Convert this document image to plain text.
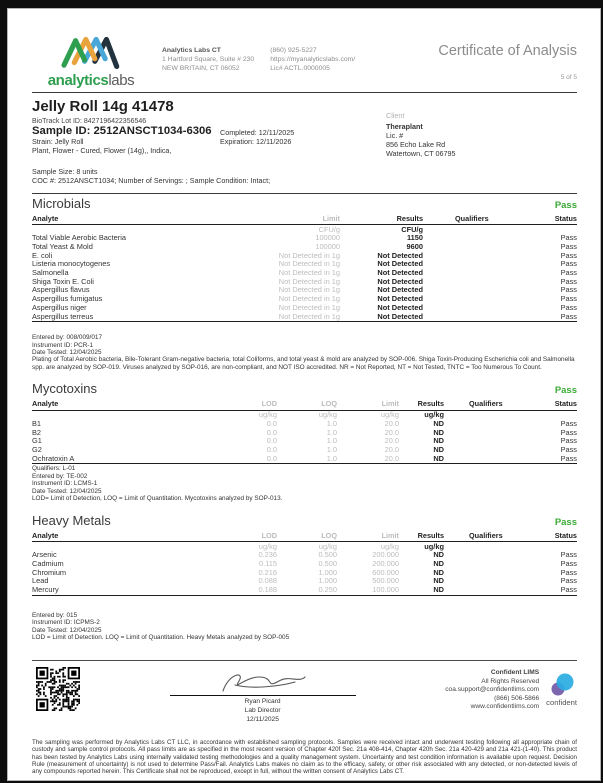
analyticslabs
Analytics Labs CT
1 Hartford Square, Suite # 230
NEW BRITAIN, CT 06052
(860) 925-5227
https://myanalyticslabs.com/
Lic# ACTL.0000005
Certificate of Analysis
5 of 5
Jelly Roll 14g 41478
BioTrack Lot ID: 8427196422356546
Sample ID: 2512ANSCT1034-6306	Completed: 12/11/2025
Strain: Jelly Roll	Expiration: 12/11/2026
Plant, Flower - Cured, Flower (14g),, Indica,
Sample Size: 8 units
COC #: 2512ANSCT1034; Number of Servings: ; Sample Condition: Intact;
Client
Theraplant
Lic. #
856 Echo Lake Rd
Watertown, CT 06795
Microbials	Pass
Analyte	Limit	Results	Qualifiers	Status
CFU/g	CFU/g
Total Viable Aerobic Bacteria	100000	1150	Pass
Total Yeast & Mold	100000	9600	Pass
E. coli	Not Detected in 1g	Not Detected	Pass
Listeria monocytogenes	Not Detected in 1g	Not Detected	Pass
Salmonella	Not Detected in 1g	Not Detected	Pass
Shiga Toxin E. Coli	Not Detected in 1g	Not Detected	Pass
Aspergillus flavus	Not Detected in 1g	Not Detected	Pass
Aspergillus fumigatus	Not Detected in 1g	Not Detected	Pass
Aspergillus niger	Not Detected in 1g	Not Detected	Pass
Aspergillus terreus	Not Detected in 1g	Not Detected	Pass
Entered by: 008/009/017
Instrument ID: PCR-1
Date Tested: 12/04/2025
Plating of Total Aerobic bacteria, Bile-Tolerant Gram-negative bacteria, total Coliforms, and total yeast & mold are analyzed by SOP-006. Shiga Toxin-Producing Escherichia coli and Salmonella spp. are analyzed by SOP-019. Viruses analyzed by SOP-016, are non-compliant, and NOT ISO accredited. NR = Not Reported, NT = Not Tested, TNTC = Too Numerous To Count.
Mycotoxins	Pass
Analyte	LOD	LOQ	Limit	Results	Qualifiers	Status
ug/kg	ug/kg	ug/kg	ug/kg
B1	0.0	1.0	20.0	ND	Pass
B2	0.0	1.0	20.0	ND	Pass
G1	0.0	1.0	20.0	ND	Pass
G2	0.0	1.0	20.0	ND	Pass
Ochratoxin A	0.0	1.0	20.0	ND	Pass
Qualifiers: L-01
Entered by: TE-002
Instrument ID: LCMS-1
Date Tested: 12/04/2025
LOD= Limit of Detection, LOQ = Limit of Quantitation. Mycotoxins analyzed by SOP-013.
Heavy Metals	Pass
Analyte	LOD	LOQ	Limit	Results	Qualifiers	Status
ug/kg	ug/kg	ug/kg	ug/kg
Arsenic	0.236	0.500	200.000	ND	Pass
Cadmium	0.115	0.500	200.000	ND	Pass
Chromium	0.216	1.000	600.000	ND	Pass
Lead	0.088	1.000	500.000	ND	Pass
Mercury	0.188	0.250	100.000	ND	Pass
Entered by: 015
Instrument ID: ICPMS-2
Date Tested: 12/04/2025
LOD = Limit of Detection. LOQ = Limit of Quantitation. Heavy Metals analyzed by SOP-005
Ryan Picard
Lab Director
12/11/2025
Confident LIMS
All Rights Reserved
coa.support@confidentlims.com
(866) 506-5866
www.confidentlims.com confident
The sampling was performed by Analytics Labs CT LLC, in accordance with established sampling protocols. Samples were received intact and underwent testing following all appropriate chain of custody and sample control protocols. All pass limits are as specified in the most recent version of Chapter 420f Sec. 21a 408-414, Chapter 420h Sec. 21a 420-429 and 21a 421-(1-40). This product has been tested by Analytics Labs using internally validated testing methodologies and a quality management system. Uncertainty and test condition information is available upon request. Decision Rule (measurement of uncertainty) is not used to determine Pass/Fail. Analytics Labs makes no claim as to the efficacy, safety, or other risk associated with any detected, or non-detected levels of any compounds reported herein. This Certificate shall not be reproduced, except in full, without the written consent of Analytics Labs CT.
